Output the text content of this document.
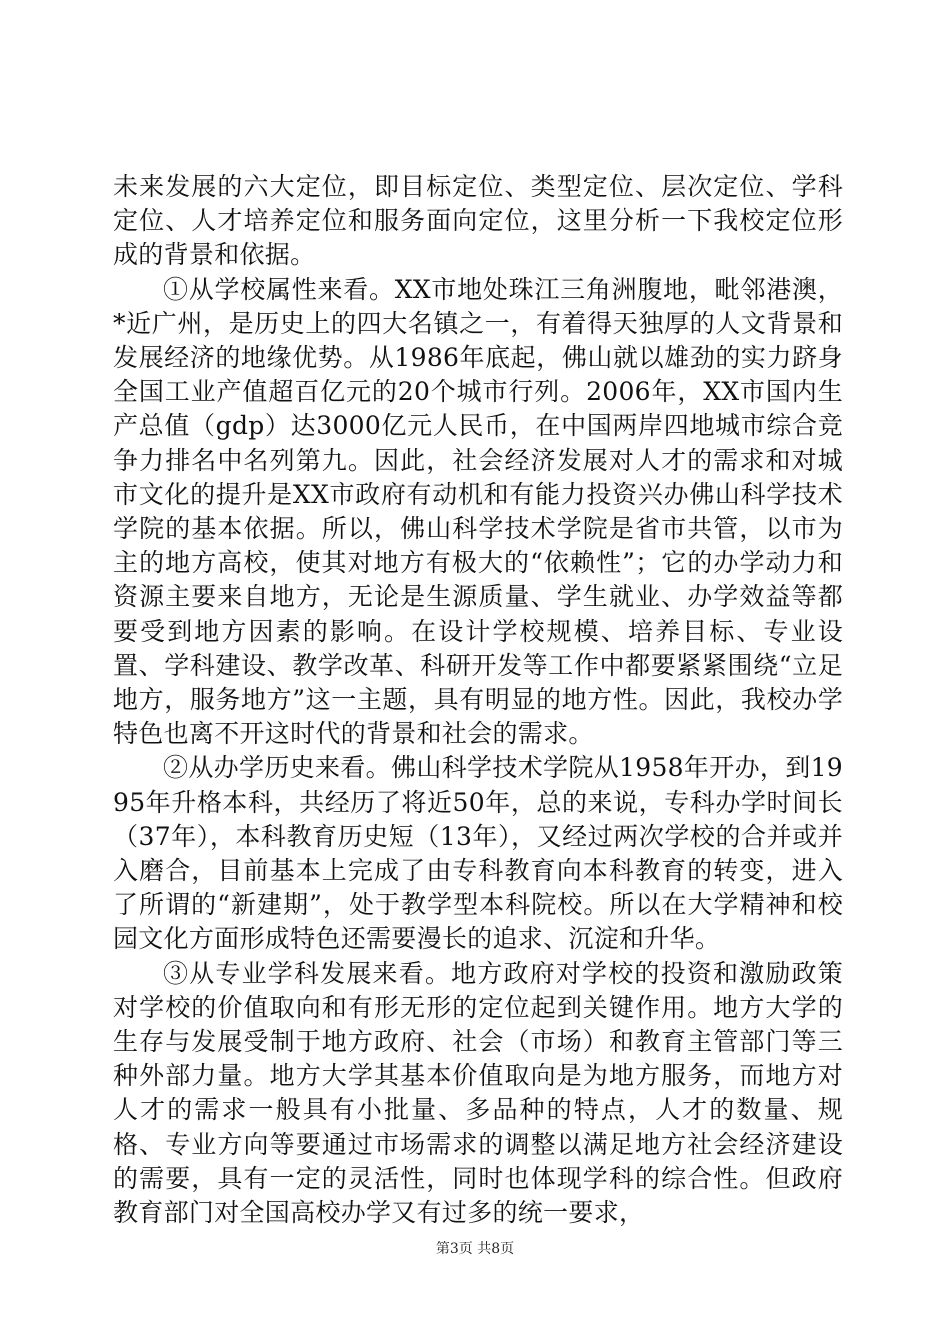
未来发展的六大定位，即目标定位、类型定位、层次定位、学科定位、人才培养定位和服务面向定位，这里分析一下我校定位形成的背景和依据。

①从学校属性来看。XX市地处珠江三角洲腹地，毗邻港澳，*近广州，是历史上的四大名镇之一，有着得天独厚的人文背景和发展经济的地缘优势。从1986年底起，佛山就以雄劲的实力跻身全国工业产值超百亿元的20个城市行列。2006年，XX市国内生产总值（gdp）达3000亿元人民币，在中国两岸四地城市综合竞争力排名中名列第九。因此，社会经济发展对人才的需求和对城市文化的提升是XX市政府有动机和有能力投资兴办佛山科学技术学院的基本依据。所以，佛山科学技术学院是省市共管，以市为主的地方高校，使其对地方有极大的“依赖性”；它的办学动力和资源主要来自地方，无论是生源质量、学生就业、办学效益等都要受到地方因素的影响。在设计学校规模、培养目标、专业设置、学科建设、教学改革、科研开发等工作中都要紧紧围绕“立足地方，服务地方”这一主题，具有明显的地方性。因此，我校办学特色也离不开这时代的背景和社会的需求。

②从办学历史来看。佛山科学技术学院从1958年开办，到1995年升格本科，共经历了将近50年，总的来说，专科办学时间长（37年），本科教育历史短（13年），又经过两次学校的合并或并入磨合，目前基本上完成了由专科教育向本科教育的转变，进入了所谓的“新建期”，处于教学型本科院校。所以在大学精神和校园文化方面形成特色还需要漫长的追求、沉淀和升华。

③从专业学科发展来看。地方政府对学校的投资和激励政策对学校的价值取向和有形无形的定位起到关键作用。地方大学的生存与发展受制于地方政府、社会（市场）和教育主管部门等三种外部力量。地方大学其基本价值取向是为地方服务，而地方对人才的需求一般具有小批量、多品种的特点，人才的数量、规格、专业方向等要通过市场需求的调整以满足地方社会经济建设的需要，具有一定的灵活性，同时也体现学科的综合性。但政府教育部门对全国高校办学又有过多的统一要求，

第3页 共8页
